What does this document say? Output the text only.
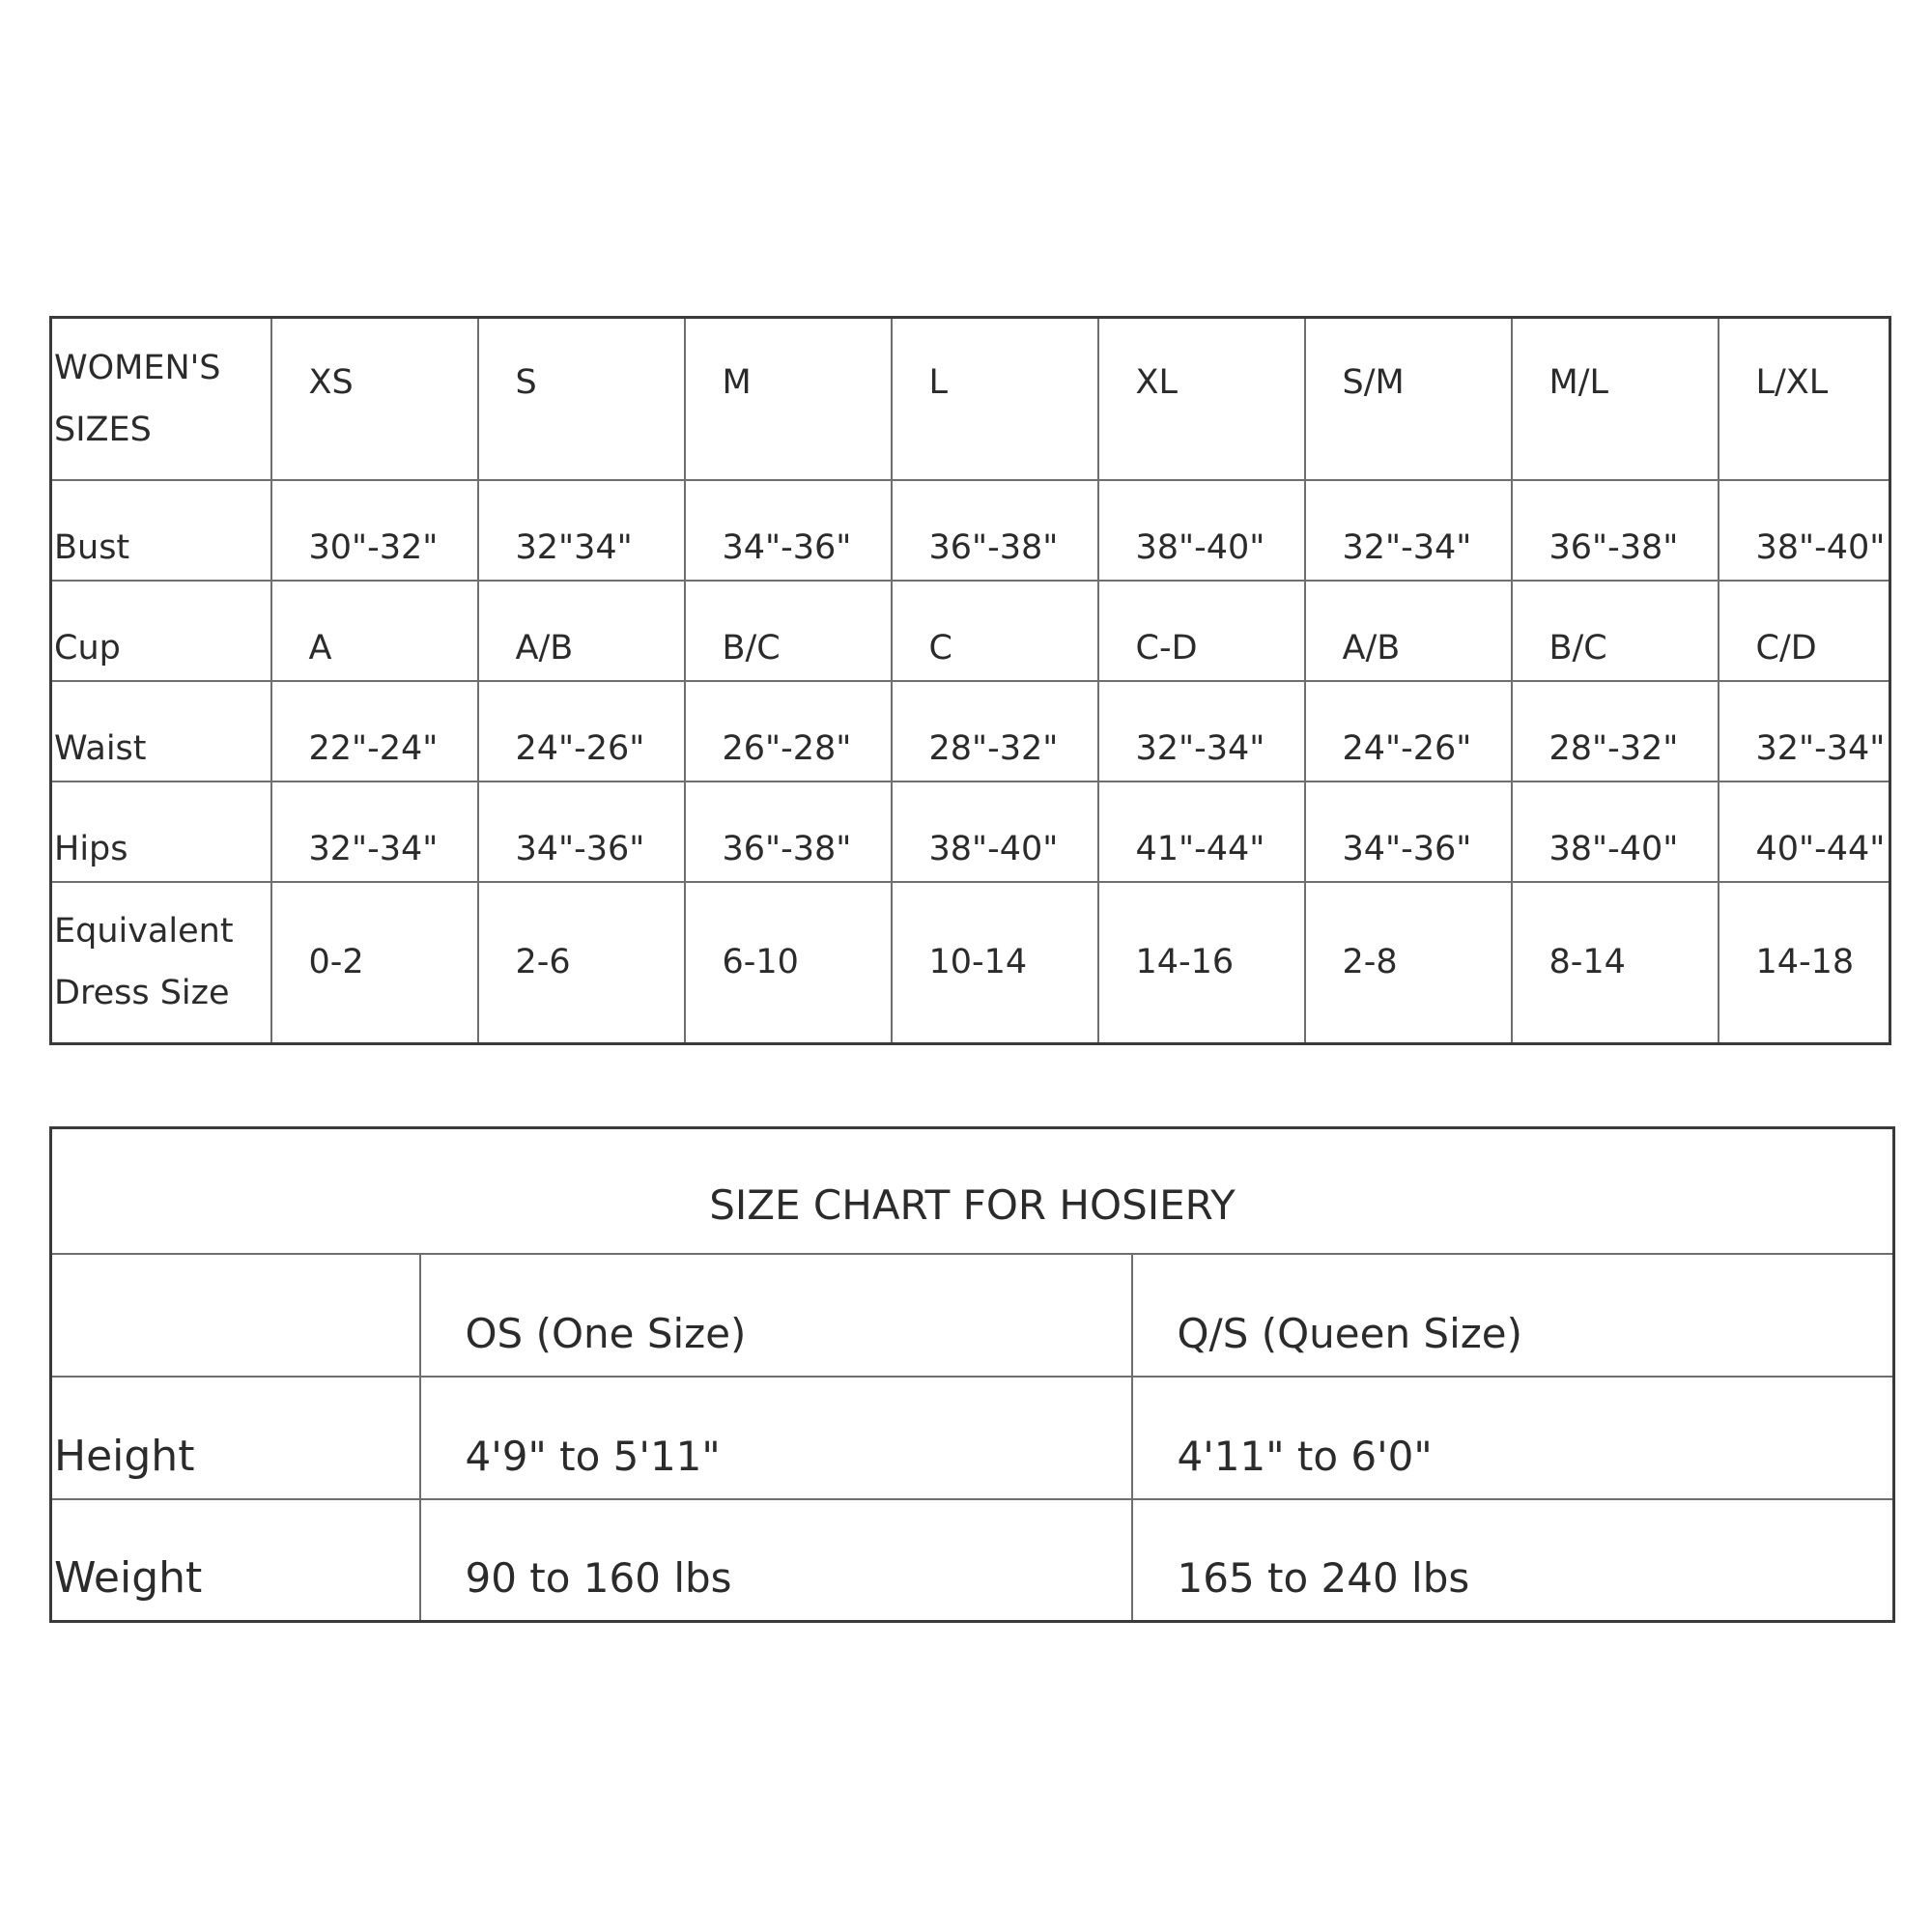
WOMEN'S SIZES	XS	S	M	L	XL	S/M	M/L	L/XL
Bust	30"-32"	32"34"	34"-36"	36"-38"	38"-40"	32"-34"	36"-38"	38"-40"
Cup	A	A/B	B/C	C	C-D	A/B	B/C	C/D
Waist	22"-24"	24"-26"	26"-28"	28"-32"	32"-34"	24"-26"	28"-32"	32"-34"
Hips	32"-34"	34"-36"	36"-38"	38"-40"	41"-44"	34"-36"	38"-40"	40"-44"
Equivalent Dress Size	0-2	2-6	6-10	10-14	14-16	2-8	8-14	14-18
SIZE CHART FOR HOSIERY		
	OS (One Size)	Q/S (Queen Size)
Height	4'9" to 5'11"	4'11" to 6'0"
Weight	90 to 160 lbs	165 to 240 lbs
